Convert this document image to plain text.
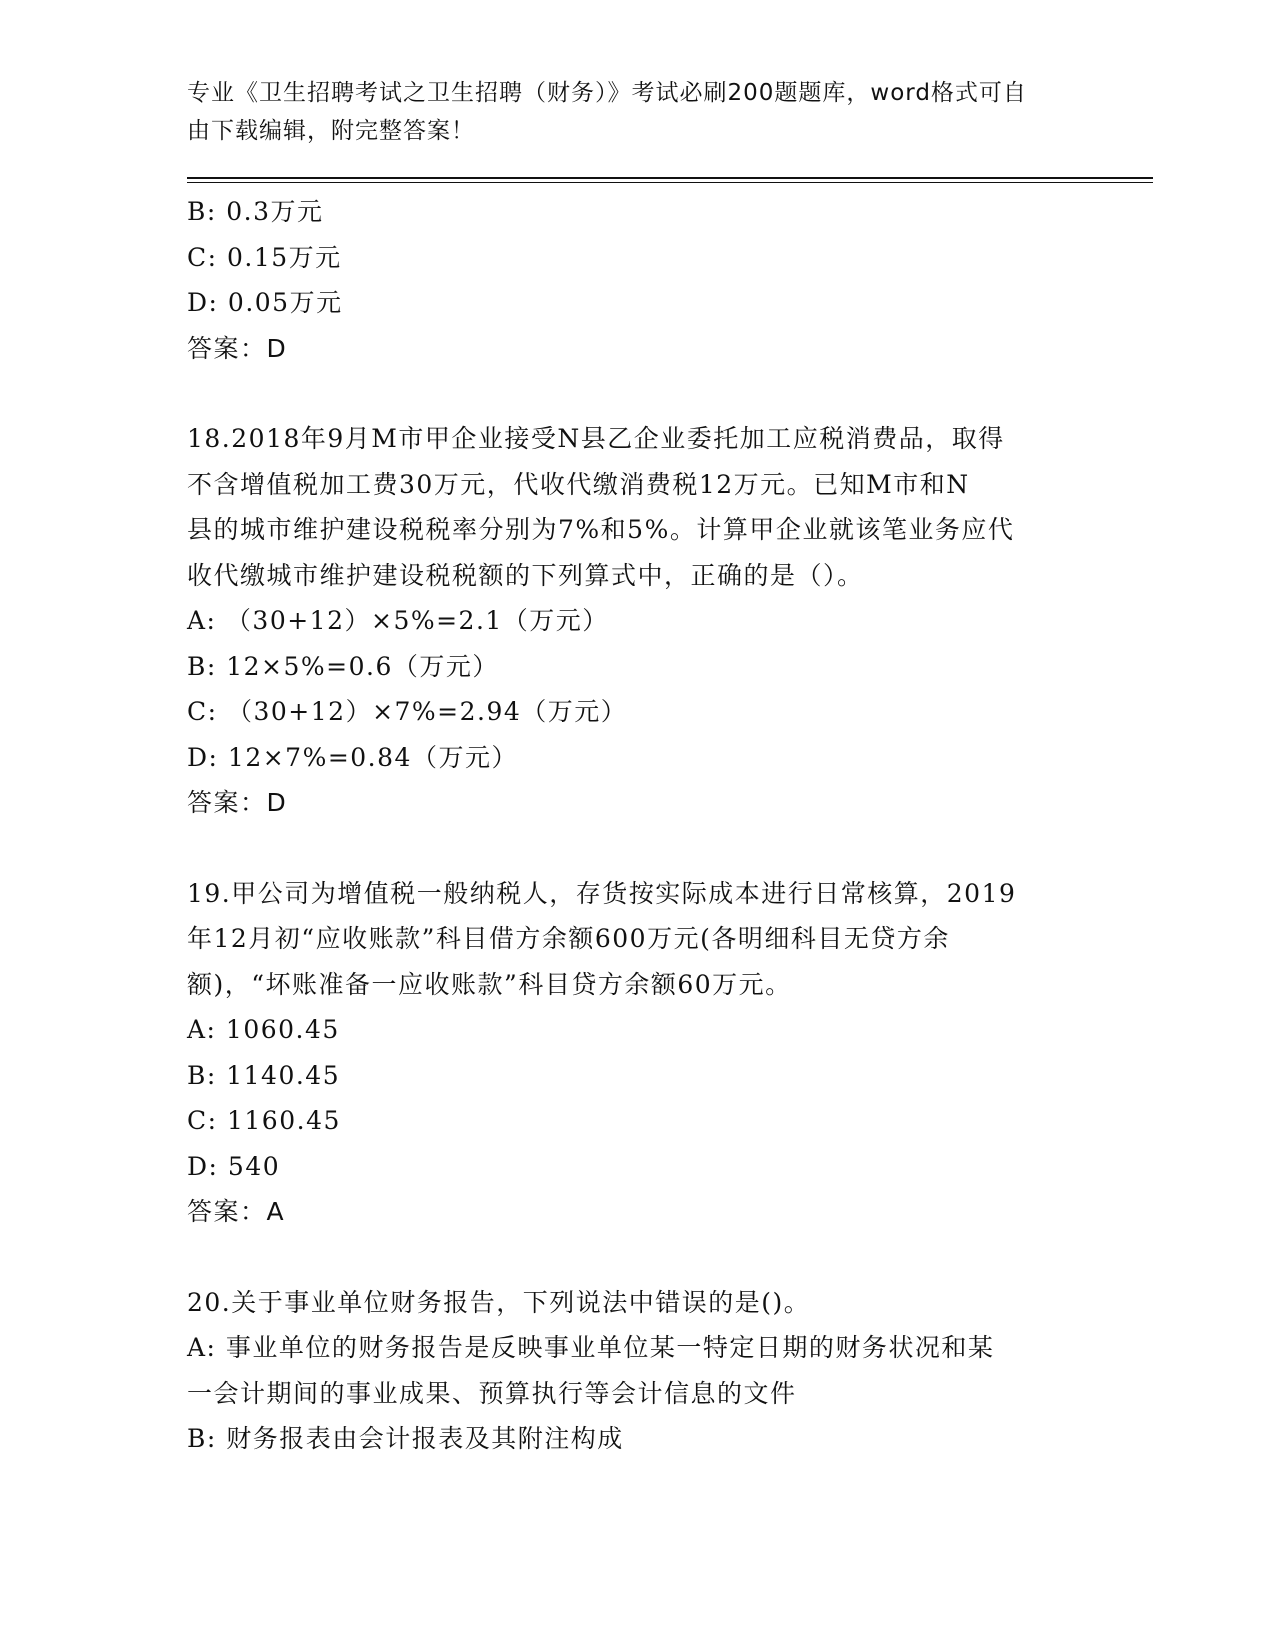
专业《卫生招聘考试之卫生招聘（财务）》考试必刷200题题库，word格式可自
由下载编辑，附完整答案！

B: 0.3万元

C: 0.15万元

D: 0.05万元

答案：D

18.2018年9月M市甲企业接受N县乙企业委托加工应税消费品，取得

不含增值税加工费30万元，代收代缴消费税12万元。已知M市和N

县的城市维护建设税税率分别为7%和5%。计算甲企业就该笔业务应代

收代缴城市维护建设税税额的下列算式中，正确的是（）。

A: （30+12）×5%=2.1（万元）

B: 12×5%=0.6（万元）

C: （30+12）×7%=2.94（万元）

D: 12×7%=0.84（万元）

答案：D

19.甲公司为增值税一般纳税人，存货按实际成本进行日常核算，2019

年12月初“应收账款”科目借方余额600万元(各明细科目无贷方余

额)，“坏账准备一应收账款”科目贷方余额60万元。

A: 1060.45

B: 1140.45

C: 1160.45

D: 540

答案：A

20.关于事业单位财务报告，下列说法中错误的是()。

A: 事业单位的财务报告是反映事业单位某一特定日期的财务状况和某

一会计期间的事业成果、预算执行等会计信息的文件

B: 财务报表由会计报表及其附注构成
